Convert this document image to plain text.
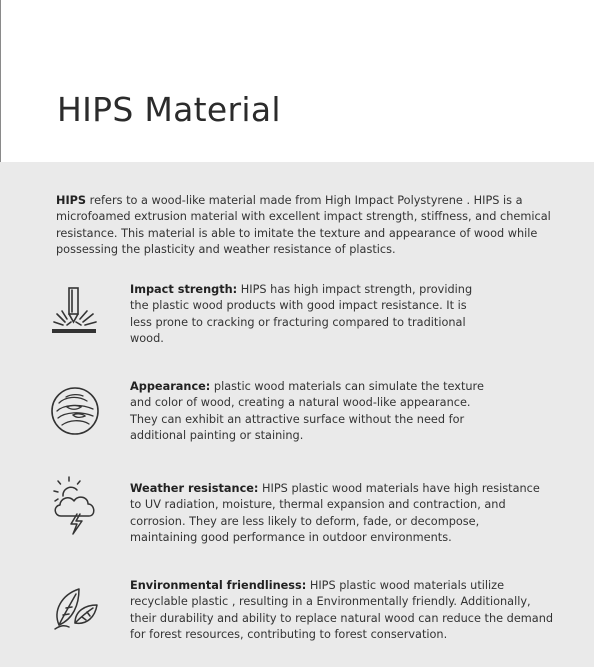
HIPS Material

HIPS refers to a wood-like material made from High Impact Polystyrene . HIPS is a microfoamed extrusion material with excellent impact strength, stiffness, and chemical resistance. This material is able to imitate the texture and appearance of wood while possessing the plasticity and weather resistance of plastics.

Impact strength: HIPS has high impact strength, providing the plastic wood products with good impact resistance. It is less prone to cracking or fracturing compared to traditional wood.

Appearance: plastic wood materials can simulate the texture and color of wood, creating a natural wood-like appearance. They can exhibit an attractive surface without the need for additional painting or staining.

Weather resistance: HIPS plastic wood materials have high resistance to UV radiation, moisture, thermal expansion and contraction, and corrosion. They are less likely to deform, fade, or decompose, maintaining good performance in outdoor environments.

Environmental friendliness: HIPS plastic wood materials utilize recyclable plastic , resulting in a Environmentally friendly. Additionally, their durability and ability to replace natural wood can reduce the demand for forest resources, contributing to forest conservation.
